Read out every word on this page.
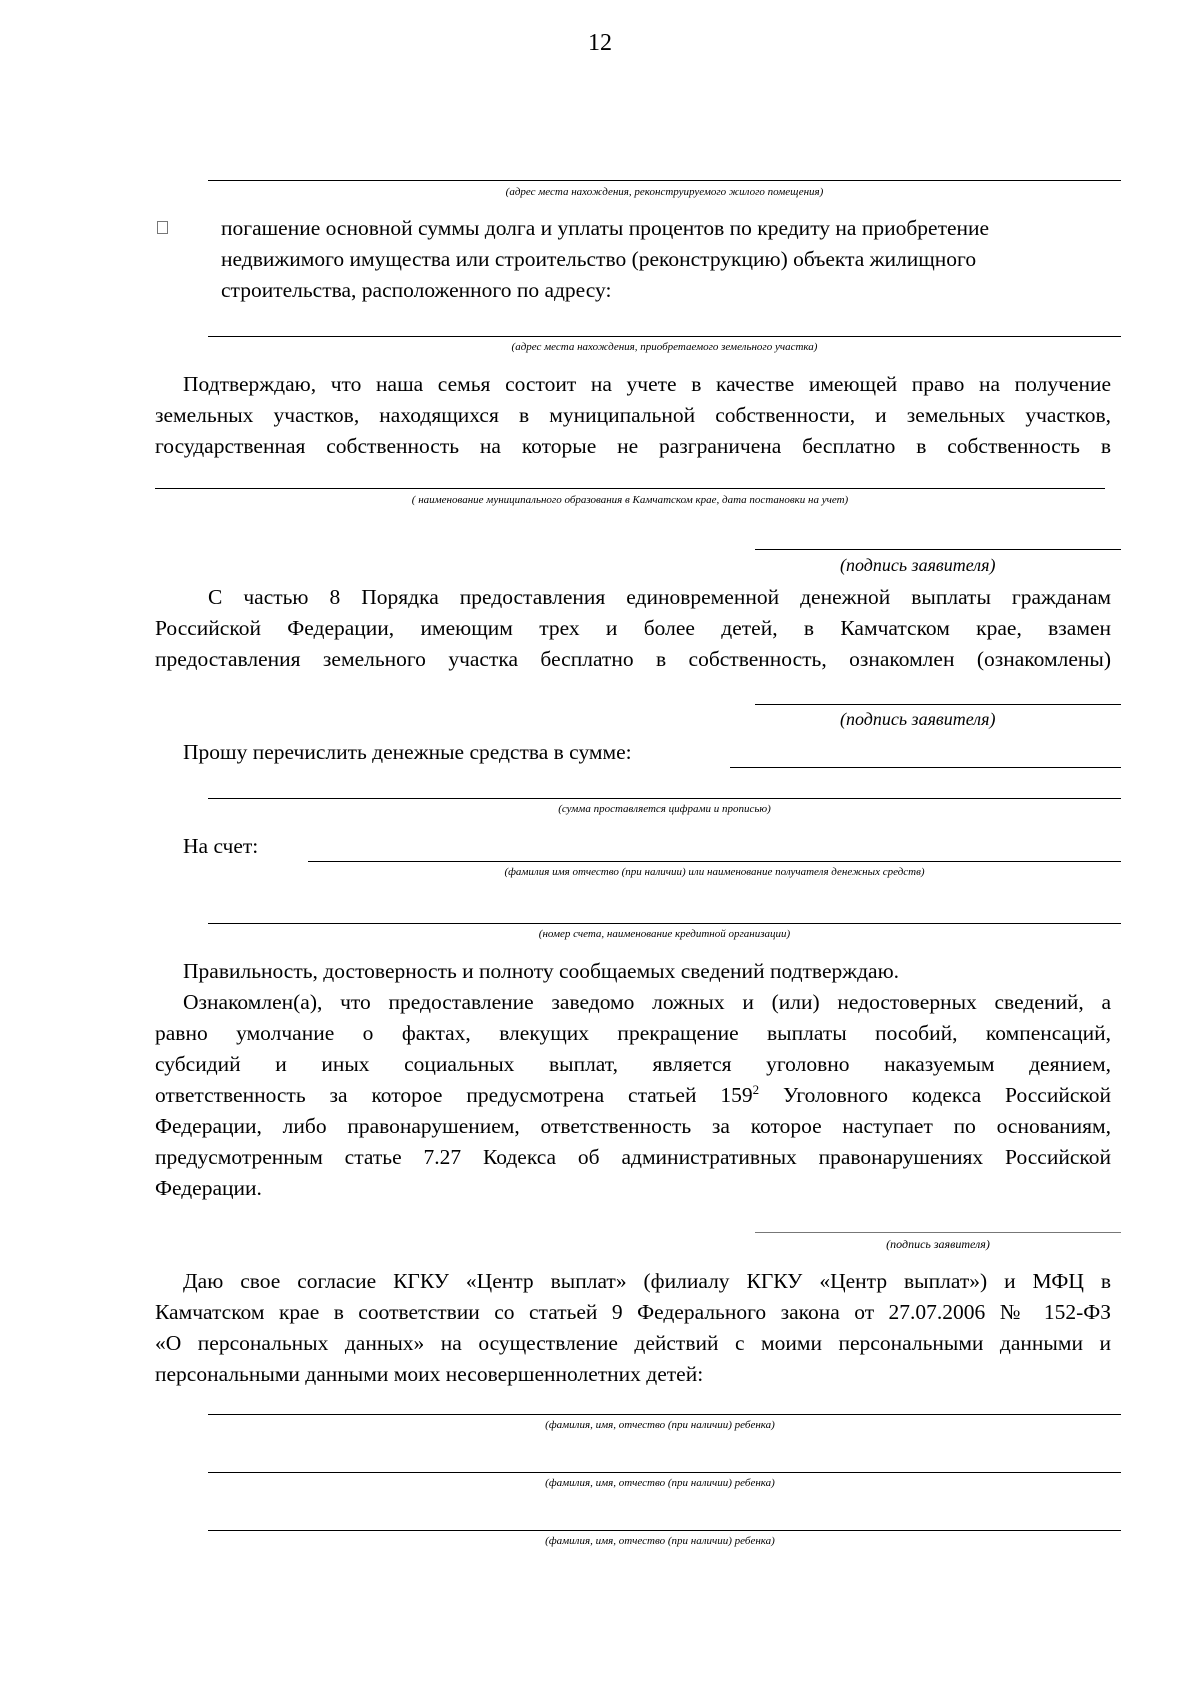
12
(адрес места нахождения, реконструируемого жилого помещения)
погашение основной суммы долга и уплаты процентов по кредиту на приобретение
недвижимого имущества или строительство (реконструкцию) объекта жилищного
строительства, расположенного по адресу:
(адрес места нахождения, приобретаемого земельного участка)
Подтверждаю, что наша семья состоит на учете в качестве имеющей право на получение
земельных участков, находящихся в муниципальной собственности, и земельных участков,
государственная собственность на которые не разграничена бесплатно в собственность в
( наименование муниципального образования в Камчатском крае, дата постановки на учет)
(подпись заявителя)
С частью 8 Порядка предоставления единовременной денежной выплаты гражданам
Российской Федерации, имеющим трех и более детей, в Камчатском крае, взамен
предоставления земельного участка бесплатно в собственность, ознакомлен (ознакомлены)
(подпись заявителя)
Прошу перечислить денежные средства в сумме:
(сумма проставляется цифрами и прописью)
На счет:
(фамилия имя отчество (при наличии) или наименование получателя денежных средств)
(номер счета, наименование кредитной организации)
Правильность, достоверность и полноту сообщаемых сведений подтверждаю.
Ознакомлен(а), что предоставление заведомо ложных и (или) недостоверных сведений, а
равно умолчание о фактах, влекущих прекращение выплаты пособий, компенсаций,
субсидий и иных социальных выплат, является уголовно наказуемым деянием,
ответственность за которое предусмотрена статьей $159^2$ Уголовного кодекса Российской
Федерации, либо правонарушением, ответственность за которое наступает по основаниям,
предусмотренным статье 7.27 Кодекса об административных правонарушениях Российской
Федерации.
(подпись заявителя)
Даю свое согласие КГКУ «Центр выплат» (филиалу КГКУ «Центр выплат») и МФЦ в
Камчатском крае в соответствии со статьей 9 Федерального закона от 27.07.2006 № 152-ФЗ
«О персональных данных» на осуществление действий с моими персональными данными и
персональными данными моих несовершеннолетних детей:
(фамилия, имя, отчество (при наличии) ребенка)
(фамилия, имя, отчество (при наличии) ребенка)
(фамилия, имя, отчество (при наличии) ребенка)
